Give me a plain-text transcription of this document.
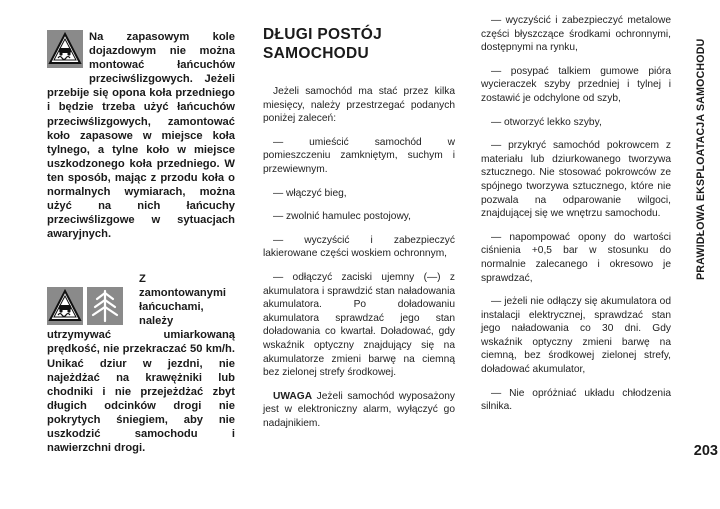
Na zapasowym kole dojazdowym nie można montować łańcuchów przeciwślizgowych. Jeżeli przebije się opona koła przedniego i będzie trzeba użyć łańcuchów przeciwślizgowych, zamontować koło zapasowe w miejsce koła tylnego, a tylne koło w miejsce uszkodzonego koła przedniego. W ten sposób, mając z przodu koła o normalnych wymiarach, można użyć na nich łańcuchy przeciwślizgowe w sytuacjach awaryjnych.
Z zamontowanymi łańcuchami, należy utrzymywać umiarkowaną prędkość, nie przekraczać 50 km/h. Unikać dziur w jezdni, nie najeżdżać na krawężniki lub chodniki i nie przejeżdżać zbyt długich odcinków drogi nie pokrytych śniegiem, aby nie uszkodzić samochodu i nawierzchni drogi.
DŁUGI POSTÓJ
SAMOCHODU

Jeżeli samochód ma stać przez kilka miesięcy, należy przestrzegać podanych poniżej zaleceń:

— umieścić samochód w pomieszczeniu zamkniętym, suchym i przewiewnym.

— włączyć bieg,

— zwolnić hamulec postojowy,

— wyczyścić i zabezpieczyć lakierowane części woskiem ochronnym,

— odłączyć zaciski ujemny (—) z akumulatora i sprawdzić stan naładowania akumulatora. Po doładowaniu akumulatora sprawdzać jego stan doładowania co kwartał. Doładować, gdy wskaźnik optyczny znajdujący się na akumulatorze zmieni barwę na ciemną bez zielonej strefy środkowej.

UWAGA Jeżeli samochód wyposażony jest w elektroniczny alarm, wyłączyć go nadajnikiem.

— wyczyścić i zabezpieczyć metalowe części błyszczące środkami ochronnymi, dostępnymi na rynku,

— posypać talkiem gumowe pióra wycieraczek szyby przedniej i tylnej i zostawić je odchylone od szyb,

— otworzyć lekko szyby,

— przykryć samochód pokrowcem z materiału lub dziurkowanego tworzywa sztucznego. Nie stosować pokrowców ze spójnego tworzywa sztucznego, które nie pozwala na odparowanie wilgoci, znajdującej się we wnętrzu samochodu.

— napompować opony do wartości ciśnienia +0,5 bar w stosunku do normalnie zalecanego i okresowo je sprawdzać,

— jeżeli nie odłączy się akumulatora od instalacji elektrycznej, sprawdzać stan jego naładowania co 30 dni. Gdy wskaźnik optyczny zmieni barwę na ciemną, bez środkowej zielonej strefy, doładować akumulator,

— Nie opróżniać układu chłodzenia silnika.

PRAWIDŁOWA EKSPLOATACJA SAMOCHODU
203
